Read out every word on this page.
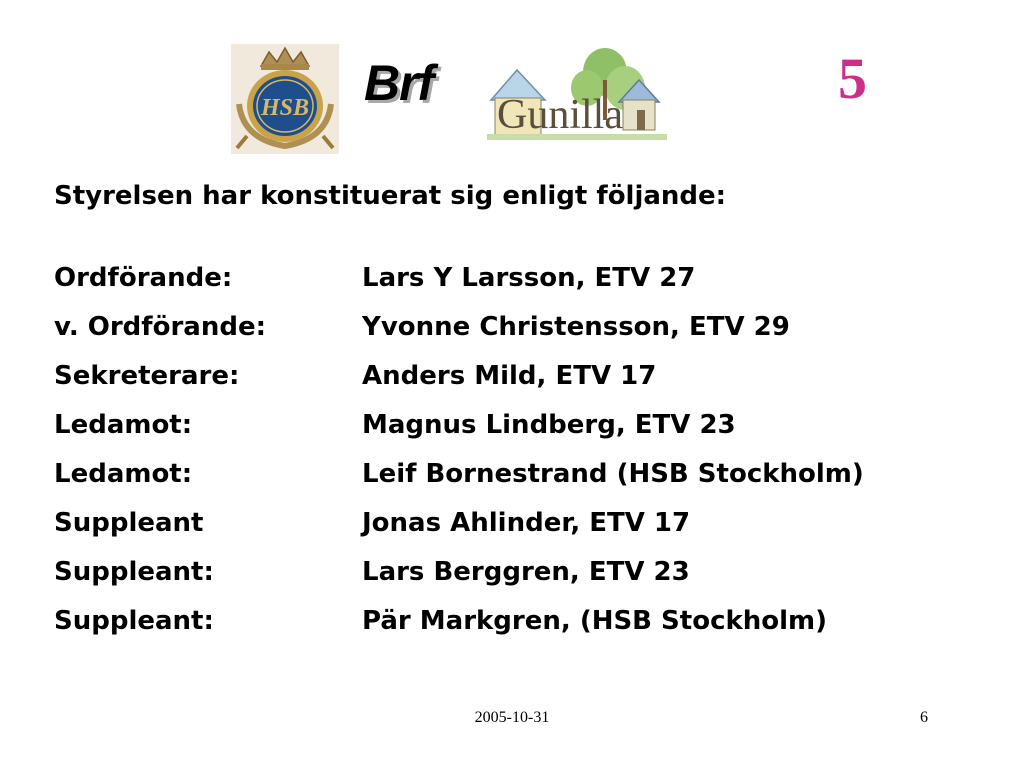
HSB Brf
Gunilla
5
Styrelsen har konstituerat sig enligt följande:
Ordförande:	Lars Y Larsson, ETV 27
v. Ordförande:	Yvonne Christensson, ETV 29
Sekreterare:	Anders Mild, ETV 17
Ledamot:	Magnus Lindberg, ETV 23
Ledamot:	Leif Bornestrand (HSB Stockholm)
Suppleant	Jonas Ahlinder, ETV 17
Suppleant:	Lars Berggren, ETV 23
Suppleant:	Pär Markgren, (HSB Stockholm)
2005-10-31	6
